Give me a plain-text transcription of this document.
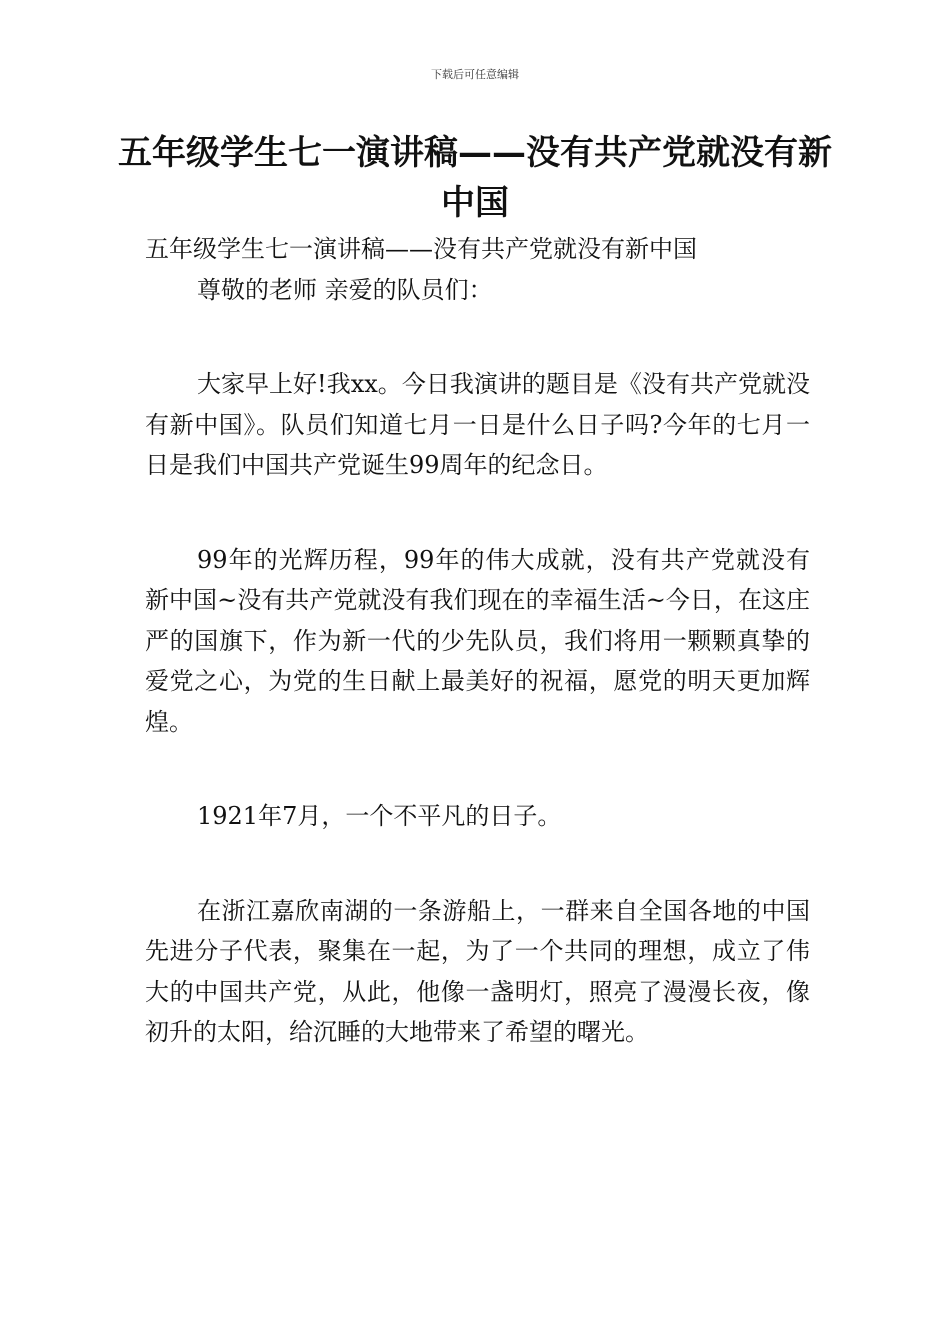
下载后可任意编辑
五年级学生七一演讲稿——没有共产党就没有新中国

五年级学生七一演讲稿——没有共产党就没有新中国

尊敬的老师 亲爱的队员们：

大家早上好!我xx。今日我演讲的题目是《没有共产党就没有新中国》。队员们知道七月一日是什么日子吗?今年的七月一日是我们中国共产党诞生99周年的纪念日。

99年的光辉历程，99年的伟大成就，没有共产党就没有新中国~没有共产党就没有我们现在的幸福生活~今日，在这庄严的国旗下，作为新一代的少先队员，我们将用一颗颗真挚的爱党之心，为党的生日献上最美好的祝福，愿党的明天更加辉煌。

1921年7月，一个不平凡的日子。

在浙江嘉欣南湖的一条游船上，一群来自全国各地的中国先进分子代表，聚集在一起，为了一个共同的理想，成立了伟大的中国共产党，从此，他像一盏明灯，照亮了漫漫长夜，像初升的太阳，给沉睡的大地带来了希望的曙光。
